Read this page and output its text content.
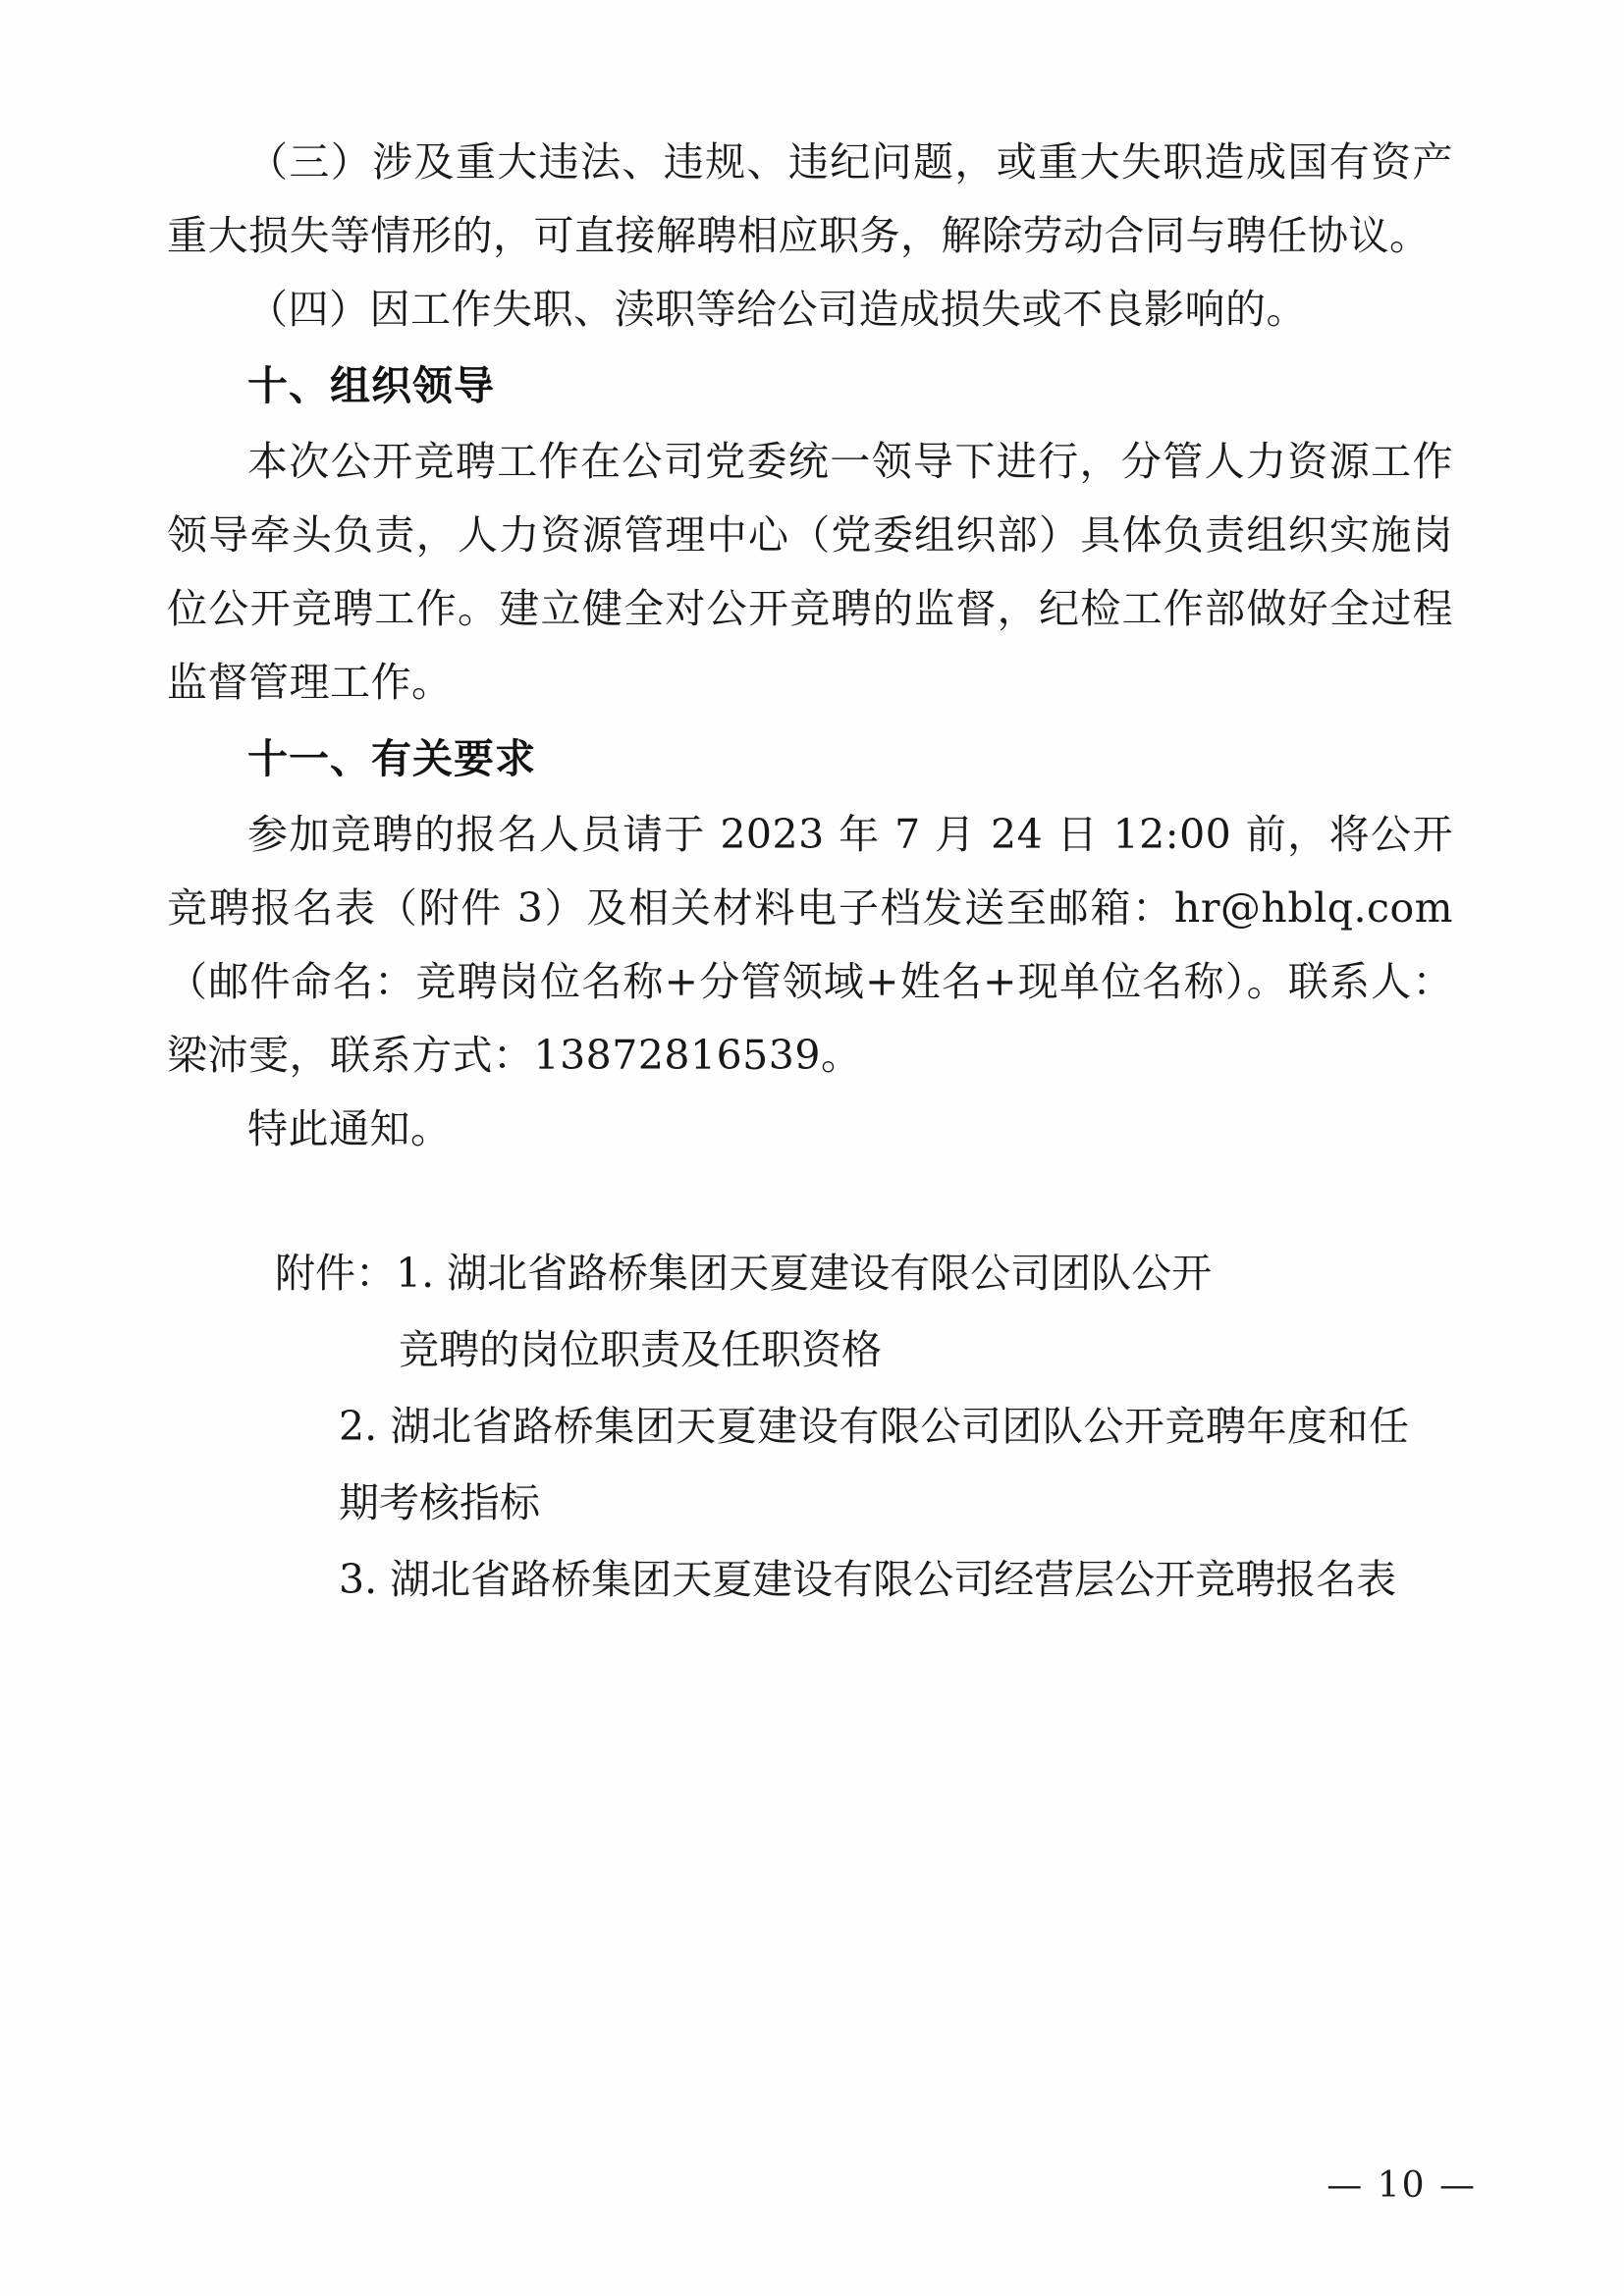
（三）涉及重大违法、违规、违纪问题，或重大失职造成国有资产重大损失等情形的，可直接解聘相应职务，解除劳动合同与聘任协议。

（四）因工作失职、渎职等给公司造成损失或不良影响的。

十、组织领导

本次公开竞聘工作在公司党委统一领导下进行，分管人力资源工作领导牵头负责，人力资源管理中心（党委组织部）具体负责组织实施岗位公开竞聘工作。建立健全对公开竞聘的监督，纪检工作部做好全过程监督管理工作。

十一、有关要求

参加竞聘的报名人员请于 2023 年 7 月 24 日 12:00 前，将公开竞聘报名表（附件 3）及相关材料电子档发送至邮箱：hr@hblq.com（邮件命名：竞聘岗位名称+分管领域+姓名+现单位名称）。联系人：梁沛雯，联系方式：13872816539。

特此通知。

附件：1. 湖北省路桥集团天夏建设有限公司团队公开

竞聘的岗位职责及任职资格

2. 湖北省路桥集团天夏建设有限公司团队公开竞聘年度和任期考核指标

3. 湖北省路桥集团天夏建设有限公司经营层公开竞聘报名表

— 10 —
